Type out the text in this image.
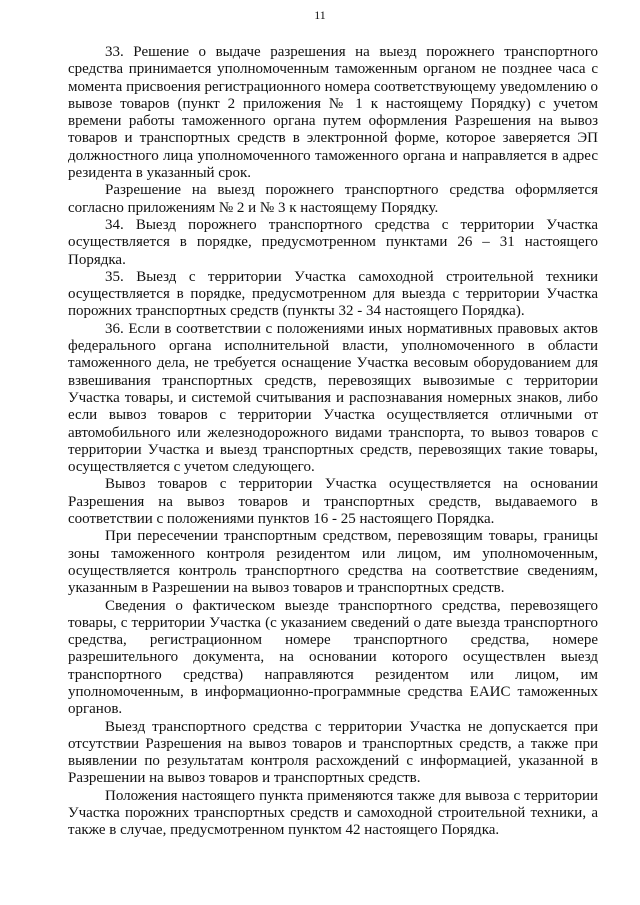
11

33. Решение о выдаче разрешения на выезд порожнего транспортного средства принимается уполномоченным таможенным органом не позднее часа с момента присвоения регистрационного номера соответствующему уведомлению о вывозе товаров (пункт 2 приложения № 1 к настоящему Порядку) с учетом времени работы таможенного органа путем оформления Разрешения на вывоз товаров и транспортных средств в электронной форме, которое заверяется ЭП должностного лица уполномоченного таможенного органа и направляется в адрес резидента в указанный срок.

Разрешение на выезд порожнего транспортного средства оформляется согласно приложениям № 2 и № 3 к настоящему Порядку.

34. Выезд порожнего транспортного средства с территории Участка осуществляется в порядке, предусмотренном пунктами 26 – 31 настоящего Порядка.

35. Выезд с территории Участка самоходной строительной техники осуществляется в порядке, предусмотренном для выезда с территории Участка порожних транспортных средств (пункты 32 - 34 настоящего Порядка).

36. Если в соответствии с положениями иных нормативных правовых актов федерального органа исполнительной власти, уполномоченного в области таможенного дела, не требуется оснащение Участка весовым оборудованием для взвешивания транспортных средств, перевозящих вывозимые с территории Участка товары, и системой считывания и распознавания номерных знаков, либо если вывоз товаров с территории Участка осуществляется отличными от автомобильного или железнодорожного видами транспорта, то вывоз товаров с территории Участка и выезд транспортных средств, перевозящих такие товары, осуществляется с учетом следующего.

Вывоз товаров с территории Участка осуществляется на основании Разрешения на вывоз товаров и транспортных средств, выдаваемого в соответствии с положениями пунктов 16 - 25 настоящего Порядка.

При пересечении транспортным средством, перевозящим товары, границы зоны таможенного контроля резидентом или лицом, им уполномоченным, осуществляется контроль транспортного средства на соответствие сведениям, указанным в Разрешении на вывоз товаров и транспортных средств.

Сведения о фактическом выезде транспортного средства, перевозящего товары, с территории Участка (с указанием сведений о дате выезда транспортного средства, регистрационном номере транспортного средства, номере разрешительного документа, на основании которого осуществлен выезд транспортного средства) направляются резидентом или лицом, им уполномоченным, в информационно-программные средства ЕАИС таможенных органов.

Выезд транспортного средства с территории Участка не допускается при отсутствии Разрешения на вывоз товаров и транспортных средств, а также при выявлении по результатам контроля расхождений с информацией, указанной в Разрешении на вывоз товаров и транспортных средств.

Положения настоящего пункта применяются также для вывоза с территории Участка порожних транспортных средств и самоходной строительной техники, а также в случае, предусмотренном пунктом 42 настоящего Порядка.
